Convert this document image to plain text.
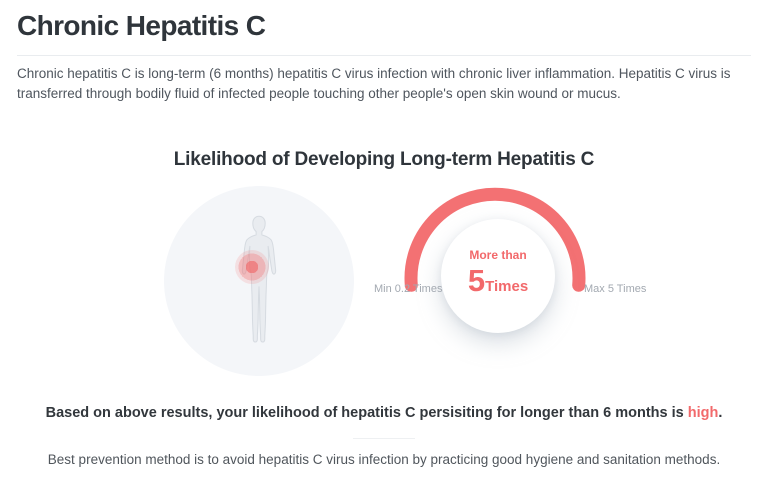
Chronic Hepatitis C

Chronic hepatitis C is long-term (6 months) hepatitis C virus infection with chronic liver inflammation. Hepatitis C virus is transferred through bodily fluid of infected people touching other people's open skin wound or mucus.

Likelihood of Developing Long-term Hepatitis C
More than
5Times
Min 0.2 Times	Max 5 Times
Based on above results, your likelihood of hepatitis C persisiting for longer than 6 months is high.
Best prevention method is to avoid hepatitis C virus infection by practicing good hygiene and sanitation methods.
